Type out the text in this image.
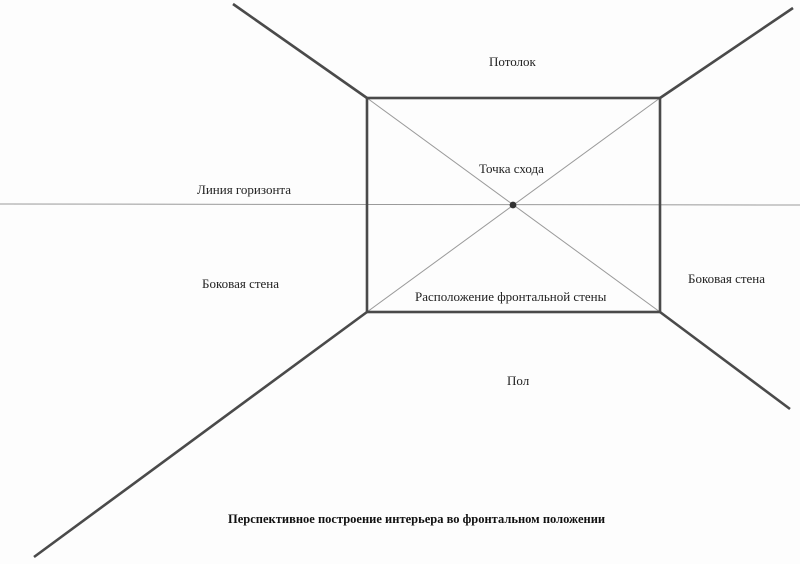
Потолок
Точка схода
Линия горизонта
Боковая стена	Боковая стена
Расположение фронтальной стены
Пол
Перспективное построение интерьера во фронтальном положении
